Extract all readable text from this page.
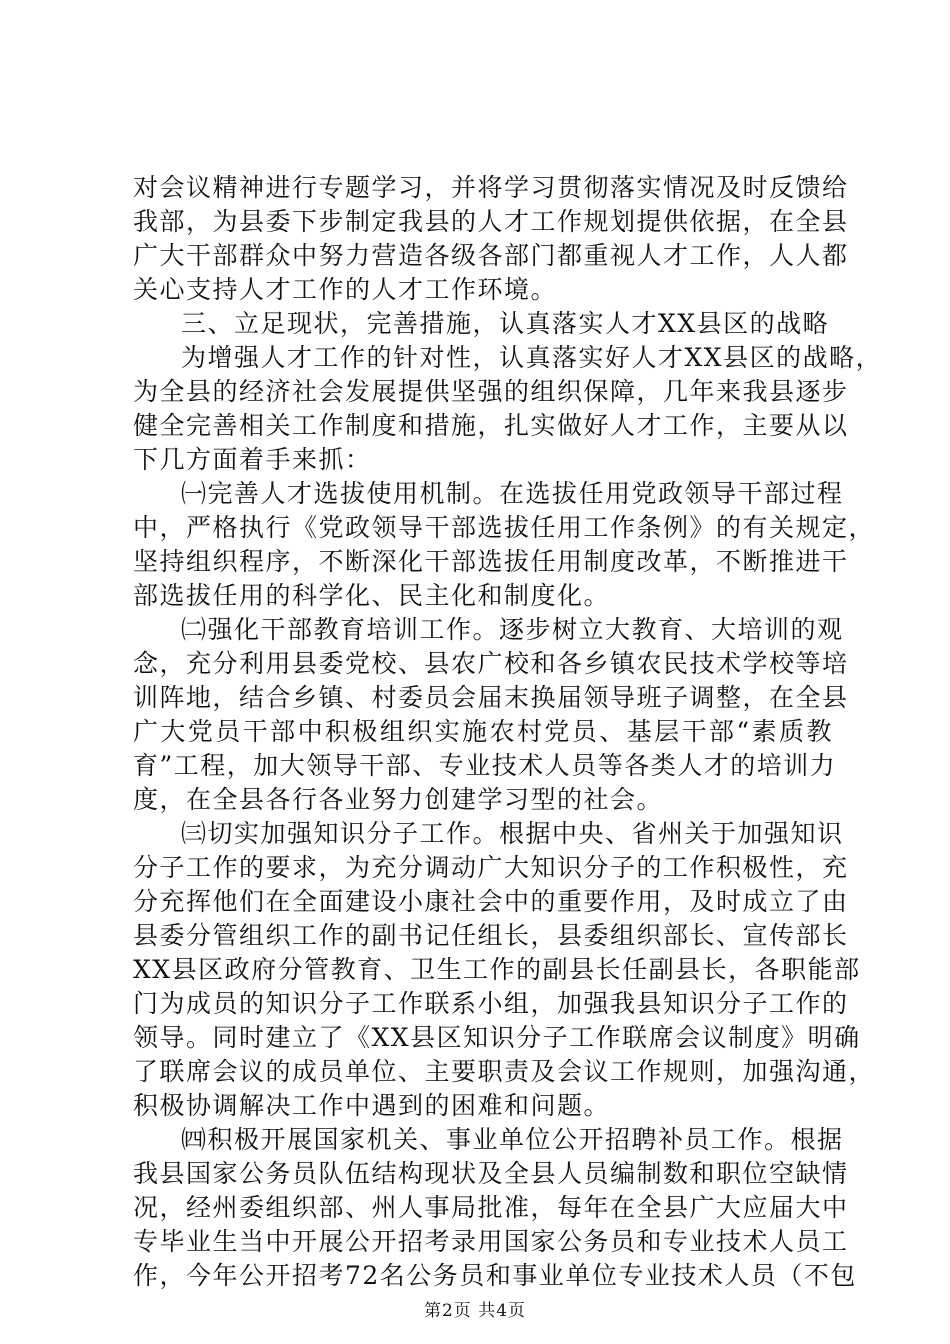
对会议精神进行专题学习，并将学习贯彻落实情况及时反馈给
我部，为县委下步制定我县的人才工作规划提供依据，在全县
广大干部群众中努力营造各级各部门都重视人才工作，人人都
关心支持人才工作的人才工作环境。
三、立足现状，完善措施，认真落实人才XX县区的战略
为增强人才工作的针对性，认真落实好人才XX县区的战略，
为全县的经济社会发展提供坚强的组织保障，几年来我县逐步
健全完善相关工作制度和措施，扎实做好人才工作，主要从以
下几方面着手来抓：
㈠完善人才选拔使用机制。在选拔任用党政领导干部过程
中，严格执行《党政领导干部选拔任用工作条例》的有关规定，
坚持组织程序，不断深化干部选拔任用制度改革，不断推进干
部选拔任用的科学化、民主化和制度化。
㈡强化干部教育培训工作。逐步树立大教育、大培训的观
念，充分利用县委党校、县农广校和各乡镇农民技术学校等培
训阵地，结合乡镇、村委员会届末换届领导班子调整，在全县
广大党员干部中积极组织实施农村党员、基层干部“素质教
育”工程，加大领导干部、专业技术人员等各类人才的培训力
度，在全县各行各业努力创建学习型的社会。
㈢切实加强知识分子工作。根据中央、省州关于加强知识
分子工作的要求，为充分调动广大知识分子的工作积极性，充
分充挥他们在全面建设小康社会中的重要作用，及时成立了由
县委分管组织工作的副书记任组长，县委组织部长、宣传部长
XX县区政府分管教育、卫生工作的副县长任副县长，各职能部
门为成员的知识分子工作联系小组，加强我县知识分子工作的
领导。同时建立了《XX县区知识分子工作联席会议制度》明确
了联席会议的成员单位、主要职责及会议工作规则，加强沟通，
积极协调解决工作中遇到的困难和问题。
㈣积极开展国家机关、事业单位公开招聘补员工作。根据
我县国家公务员队伍结构现状及全县人员编制数和职位空缺情
况，经州委组织部、州人事局批准，每年在全县广大应届大中
专毕业生当中开展公开招考录用国家公务员和专业技术人员工
作，今年公开招考72名公务员和事业单位专业技术人员（不包
第2页 共4页
